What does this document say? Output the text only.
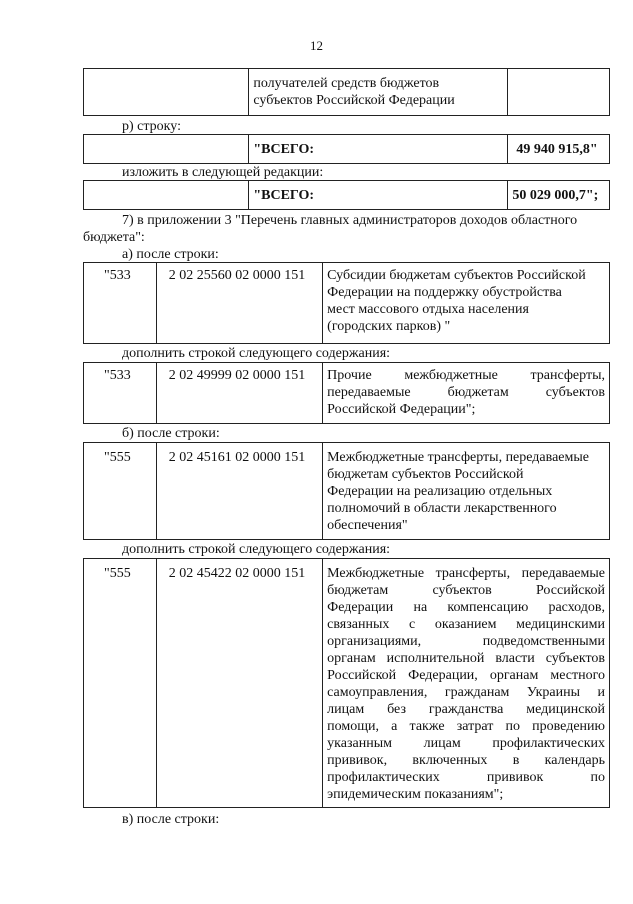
12
получателей средств бюджетов
субъектов Российской Федерации
р) строку:
"ВСЕГО:	49 940 915,8"
изложить в следующей редакции:
"ВСЕГО:	50 029 000,7";
7) в приложении 3 "Перечень главных администраторов доходов областного
бюджета":
а) после строки:
"533	2 02 25560 02 0000 151	Субсидии бюджетам субъектов Российской
Федерации на поддержку обустройства
мест массового отдыха населения
(городских парков) "
дополнить строкой следующего содержания:
"533	2 02 49999 02 0000 151	Прочие межбюджетные трансферты,
передаваемые бюджетам субъектов
Российской Федерации";
б) после строки:
"555	2 02 45161 02 0000 151	Межбюджетные трансферты, передаваемые
бюджетам субъектов Российской
Федерации на реализацию отдельных
полномочий в области лекарственного
обеспечения"
дополнить строкой следующего содержания:
"555	2 02 45422 02 0000 151	Межбюджетные трансферты, передаваемые
бюджетам субъектов Российской
Федерации на компенсацию расходов,
связанных с оказанием медицинскими
организациями, подведомственными
органам исполнительной власти субъектов
Российской Федерации, органам местного
самоуправления, гражданам Украины и
лицам без гражданства медицинской
помощи, а также затрат по проведению
указанным лицам профилактических
прививок, включенных в календарь
профилактических прививок по
эпидемическим показаниям";
в) после строки:
